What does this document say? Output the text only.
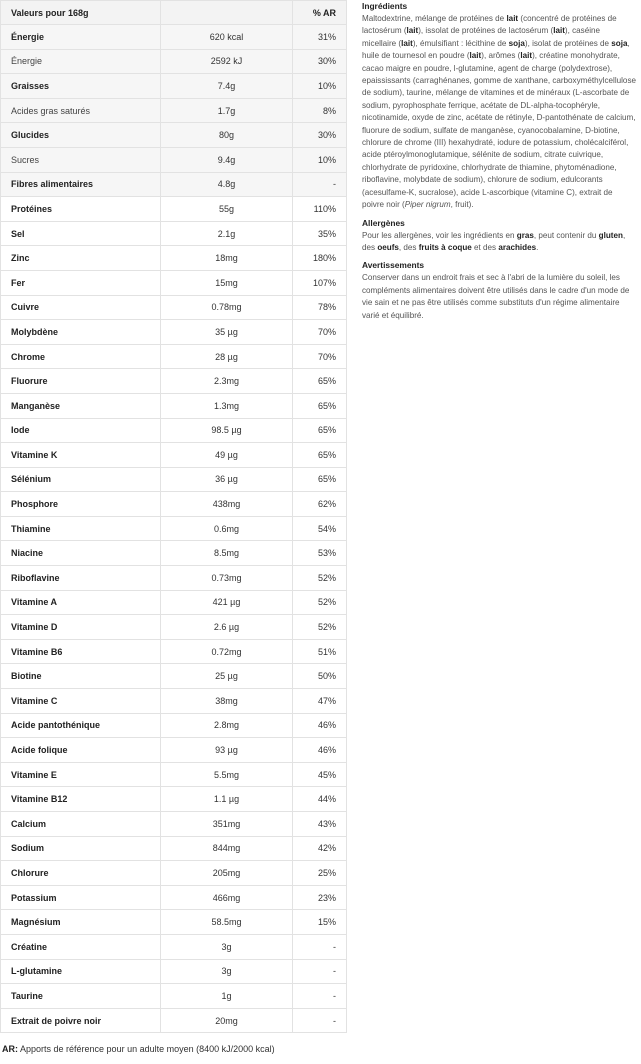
Valeurs pour 168g		% AR
Énergie	620 kcal	31%
Énergie	2592 kJ	30%
Graisses	7.4g	10%
Acides gras saturés	1.7g	8%
Glucides	80g	30%
Sucres	9.4g	10%
Fibres alimentaires	4.8g	-
Protéines	55g	110%
Sel	2.1g	35%
Zinc	18mg	180%
Fer	15mg	107%
Cuivre	0.78mg	78%
Molybdène	35 µg	70%
Chrome	28 µg	70%
Fluorure	2.3mg	65%
Manganèse	1.3mg	65%
Iode	98.5 µg	65%
Vitamine K	49 µg	65%
Sélénium	36 µg	65%
Phosphore	438mg	62%
Thiamine	0.6mg	54%
Niacine	8.5mg	53%
Riboflavine	0.73mg	52%
Vitamine A	421 µg	52%
Vitamine D	2.6 µg	52%
Vitamine B6	0.72mg	51%
Biotine	25 µg	50%
Vitamine C	38mg	47%
Acide pantothénique	2.8mg	46%
Acide folique	93 µg	46%
Vitamine E	5.5mg	45%
Vitamine B12	1.1 µg	44%
Calcium	351mg	43%
Sodium	844mg	42%
Chlorure	205mg	25%
Potassium	466mg	23%
Magnésium	58.5mg	15%
Créatine	3g	-
L-glutamine	3g	-
Taurine	1g	-
Extrait de poivre noir	20mg	-
AR: Apports de référence pour un adulte moyen (8400 kJ/2000 kcal)
Ingrédients

Maltodextrine, mélange de protéines de lait (concentré de protéines de lactosérum (lait), issolat de protéines de lactosérum (lait), caséine micellaire (lait), émulsifiant : lécithine de soja), isolat de protéines de soja, huile de tournesol en poudre (lait), arômes (lait), créatine monohydrate, cacao maigre en poudre, l-glutamine, agent de charge (polydextrose), epaississants (carraghénanes, gomme de xanthane, carboxyméthylcellulose de sodium), taurine, mélange de vitamines et de minéraux (L-ascorbate de sodium, pyrophosphate ferrique, acétate de DL-alpha-tocophéryle, nicotinamide, oxyde de zinc, acétate de rétinyle, D-pantothénate de calcium, fluorure de sodium, sulfate de manganèse, cyanocobalamine, D-biotine, chlorure de chrome (III) hexahydraté, iodure de potassium, cholécalciférol, acide ptéroylmonoglutamique, sélénite de sodium, citrate cuivrique, chlorhydrate de pyridoxine, chlorhydrate de thiamine, phytoménadione, riboflavine, molybdate de sodium), chlorure de sodium, edulcorants (acesulfame-K, sucralose), acide L-ascorbique (vitamine C), extrait de poivre noir (Piper nigrum, fruit).

Allergènes

Pour les allergènes, voir les ingrédients en gras, peut contenir du gluten, des oeufs, des fruits à coque et des arachides.

Avertissements

Conserver dans un endroit frais et sec à l'abri de la lumière du soleil, les compléments alimentaires doivent être utilisés dans le cadre d'un mode de vie sain et ne pas être utilisés comme substituts d'un régime alimentaire varié et équilibré.
